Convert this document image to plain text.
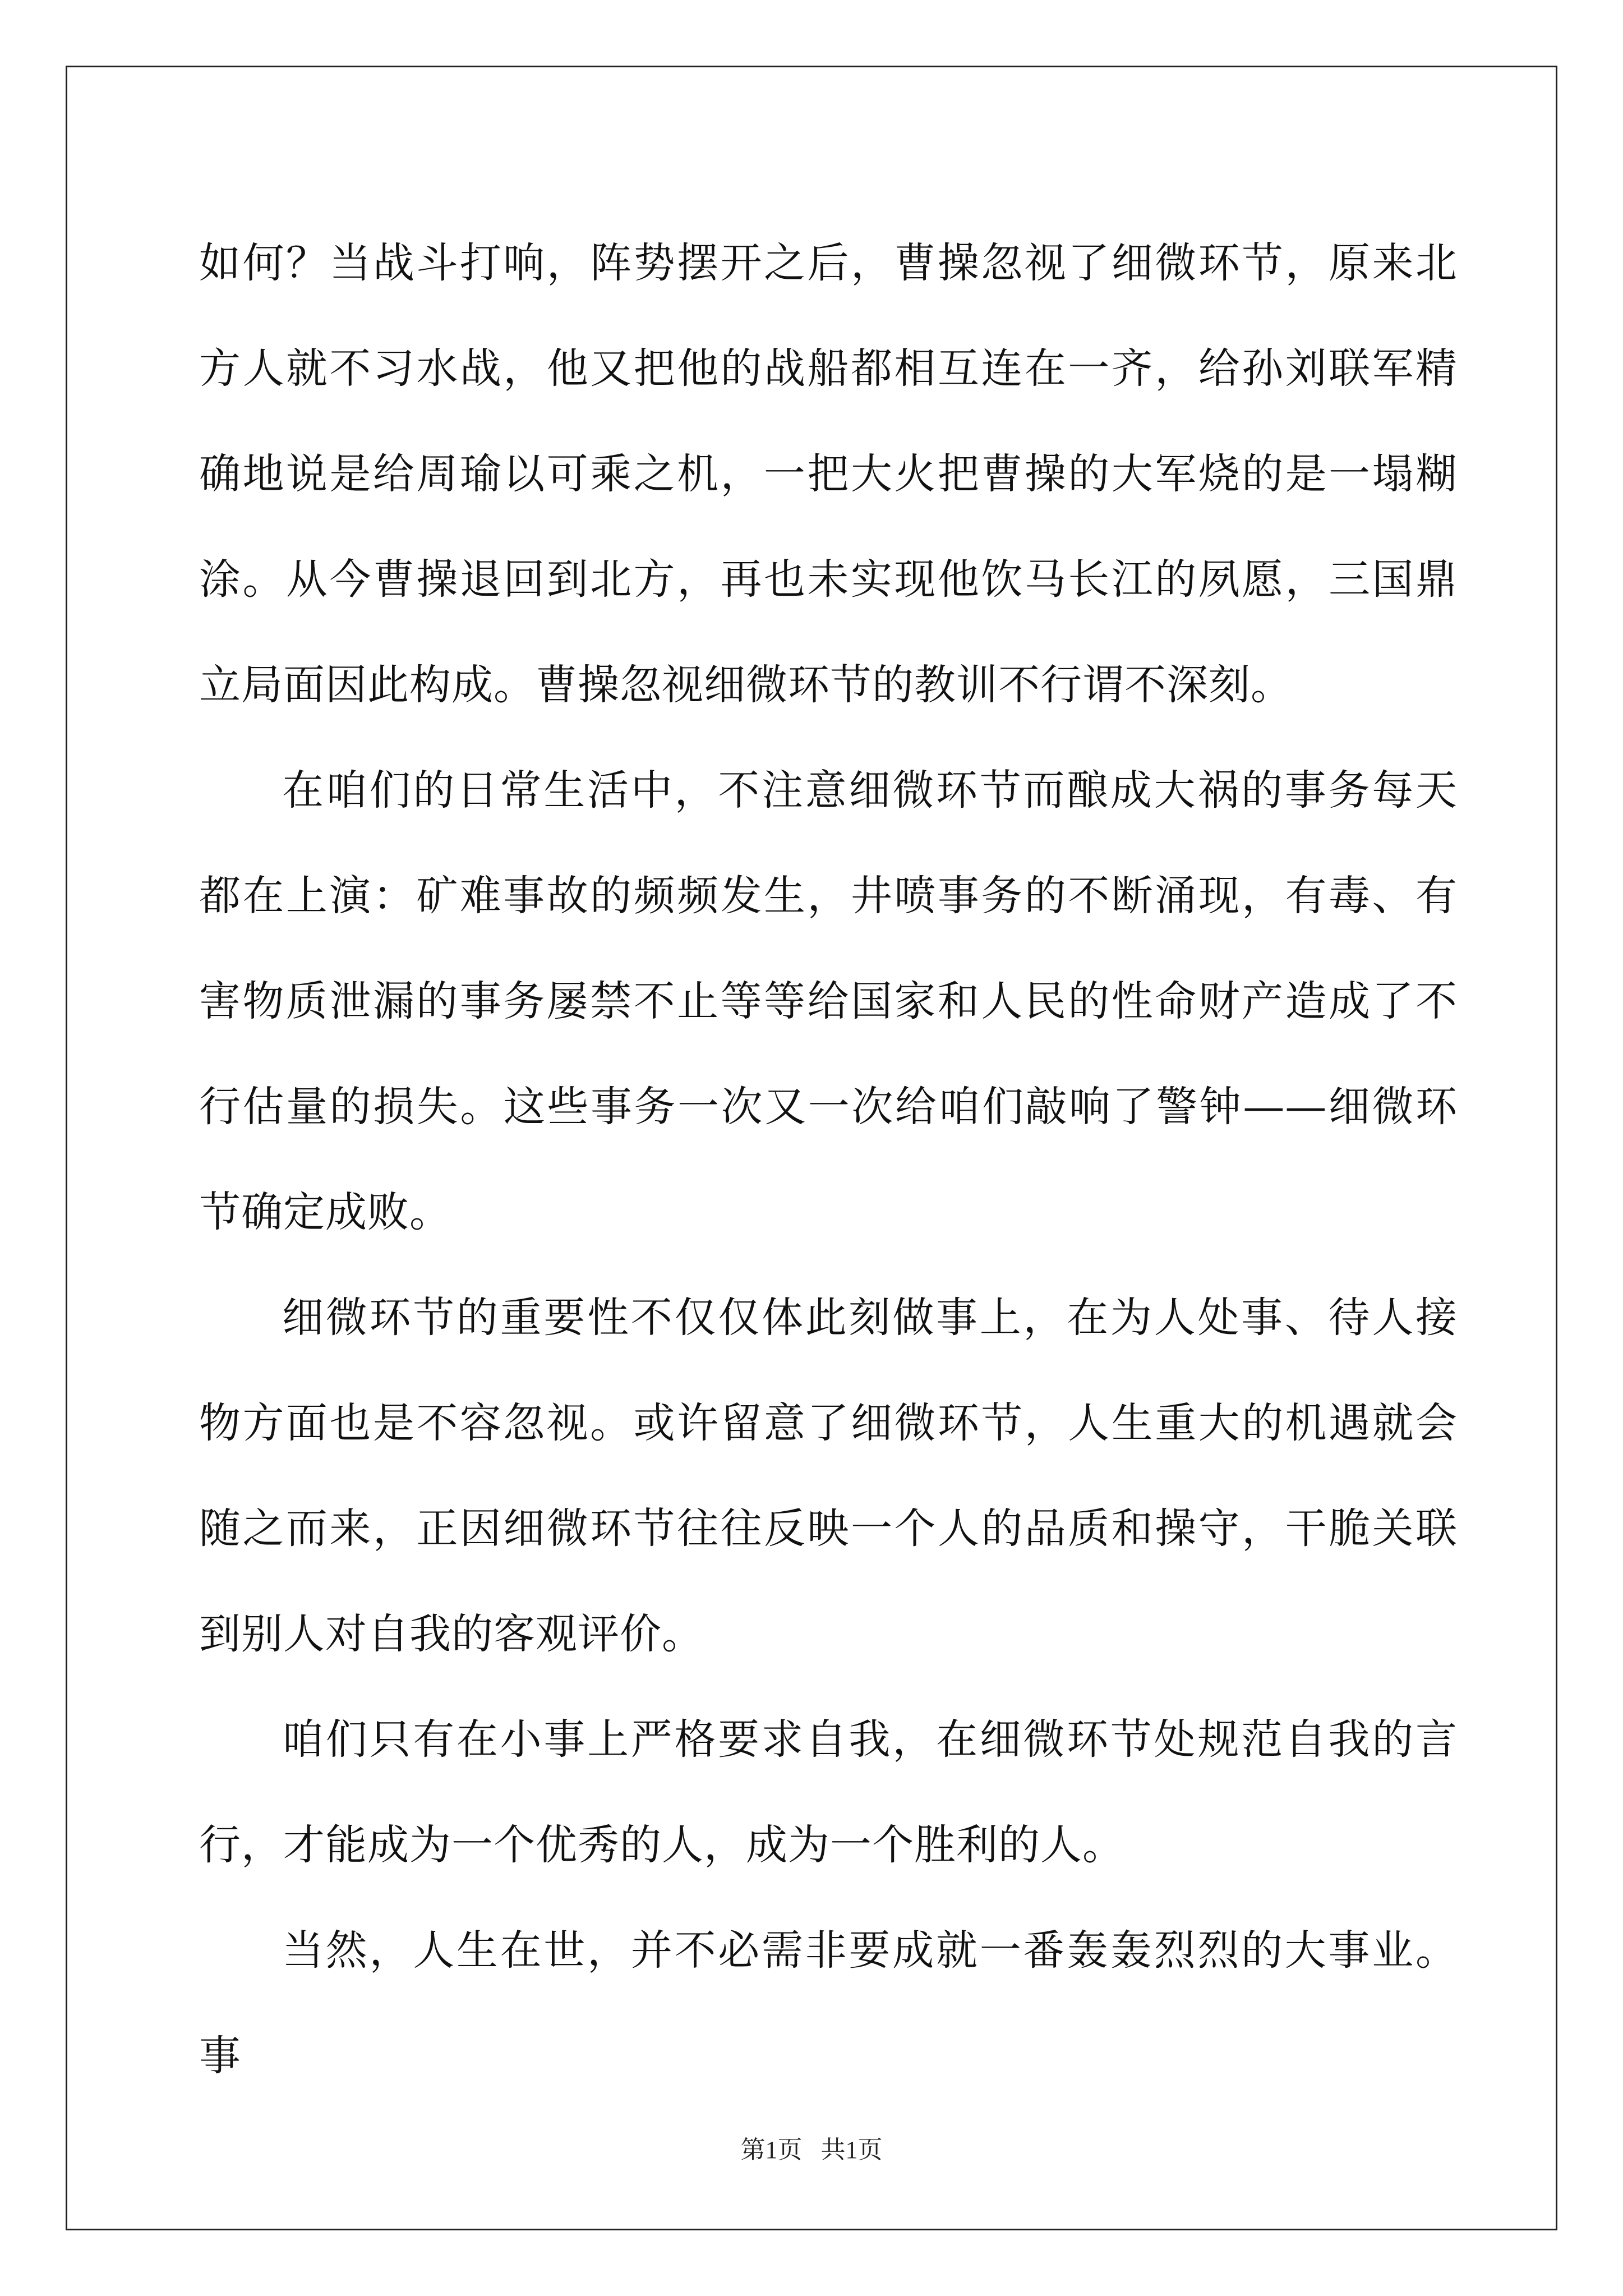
如何？当战斗打响，阵势摆开之后，曹操忽视了细微环节，原来北方人就不习水战，他又把他的战船都相互连在一齐，给孙刘联军精确地说是给周瑜以可乘之机，一把大火把曹操的大军烧的是一塌糊涂。从今曹操退回到北方，再也未实现他饮马长江的夙愿，三国鼎立局面因此构成。曹操忽视细微环节的教训不行谓不深刻。

在咱们的日常生活中，不注意细微环节而酿成大祸的事务每天都在上演：矿难事故的频频发生，井喷事务的不断涌现，有毒、有害物质泄漏的事务屡禁不止等等给国家和人民的性命财产造成了不行估量的损失。这些事务一次又一次给咱们敲响了警钟——细微环节确定成败。

细微环节的重要性不仅仅体此刻做事上，在为人处事、待人接物方面也是不容忽视。或许留意了细微环节，人生重大的机遇就会随之而来，正因细微环节往往反映一个人的品质和操守，干脆关联到别人对自我的客观评价。

咱们只有在小事上严格要求自我，在细微环节处规范自我的言行，才能成为一个优秀的人，成为一个胜利的人。

当然，人生在世，并不必需非要成就一番轰轰烈烈的大事业。事

第1页   共1页
